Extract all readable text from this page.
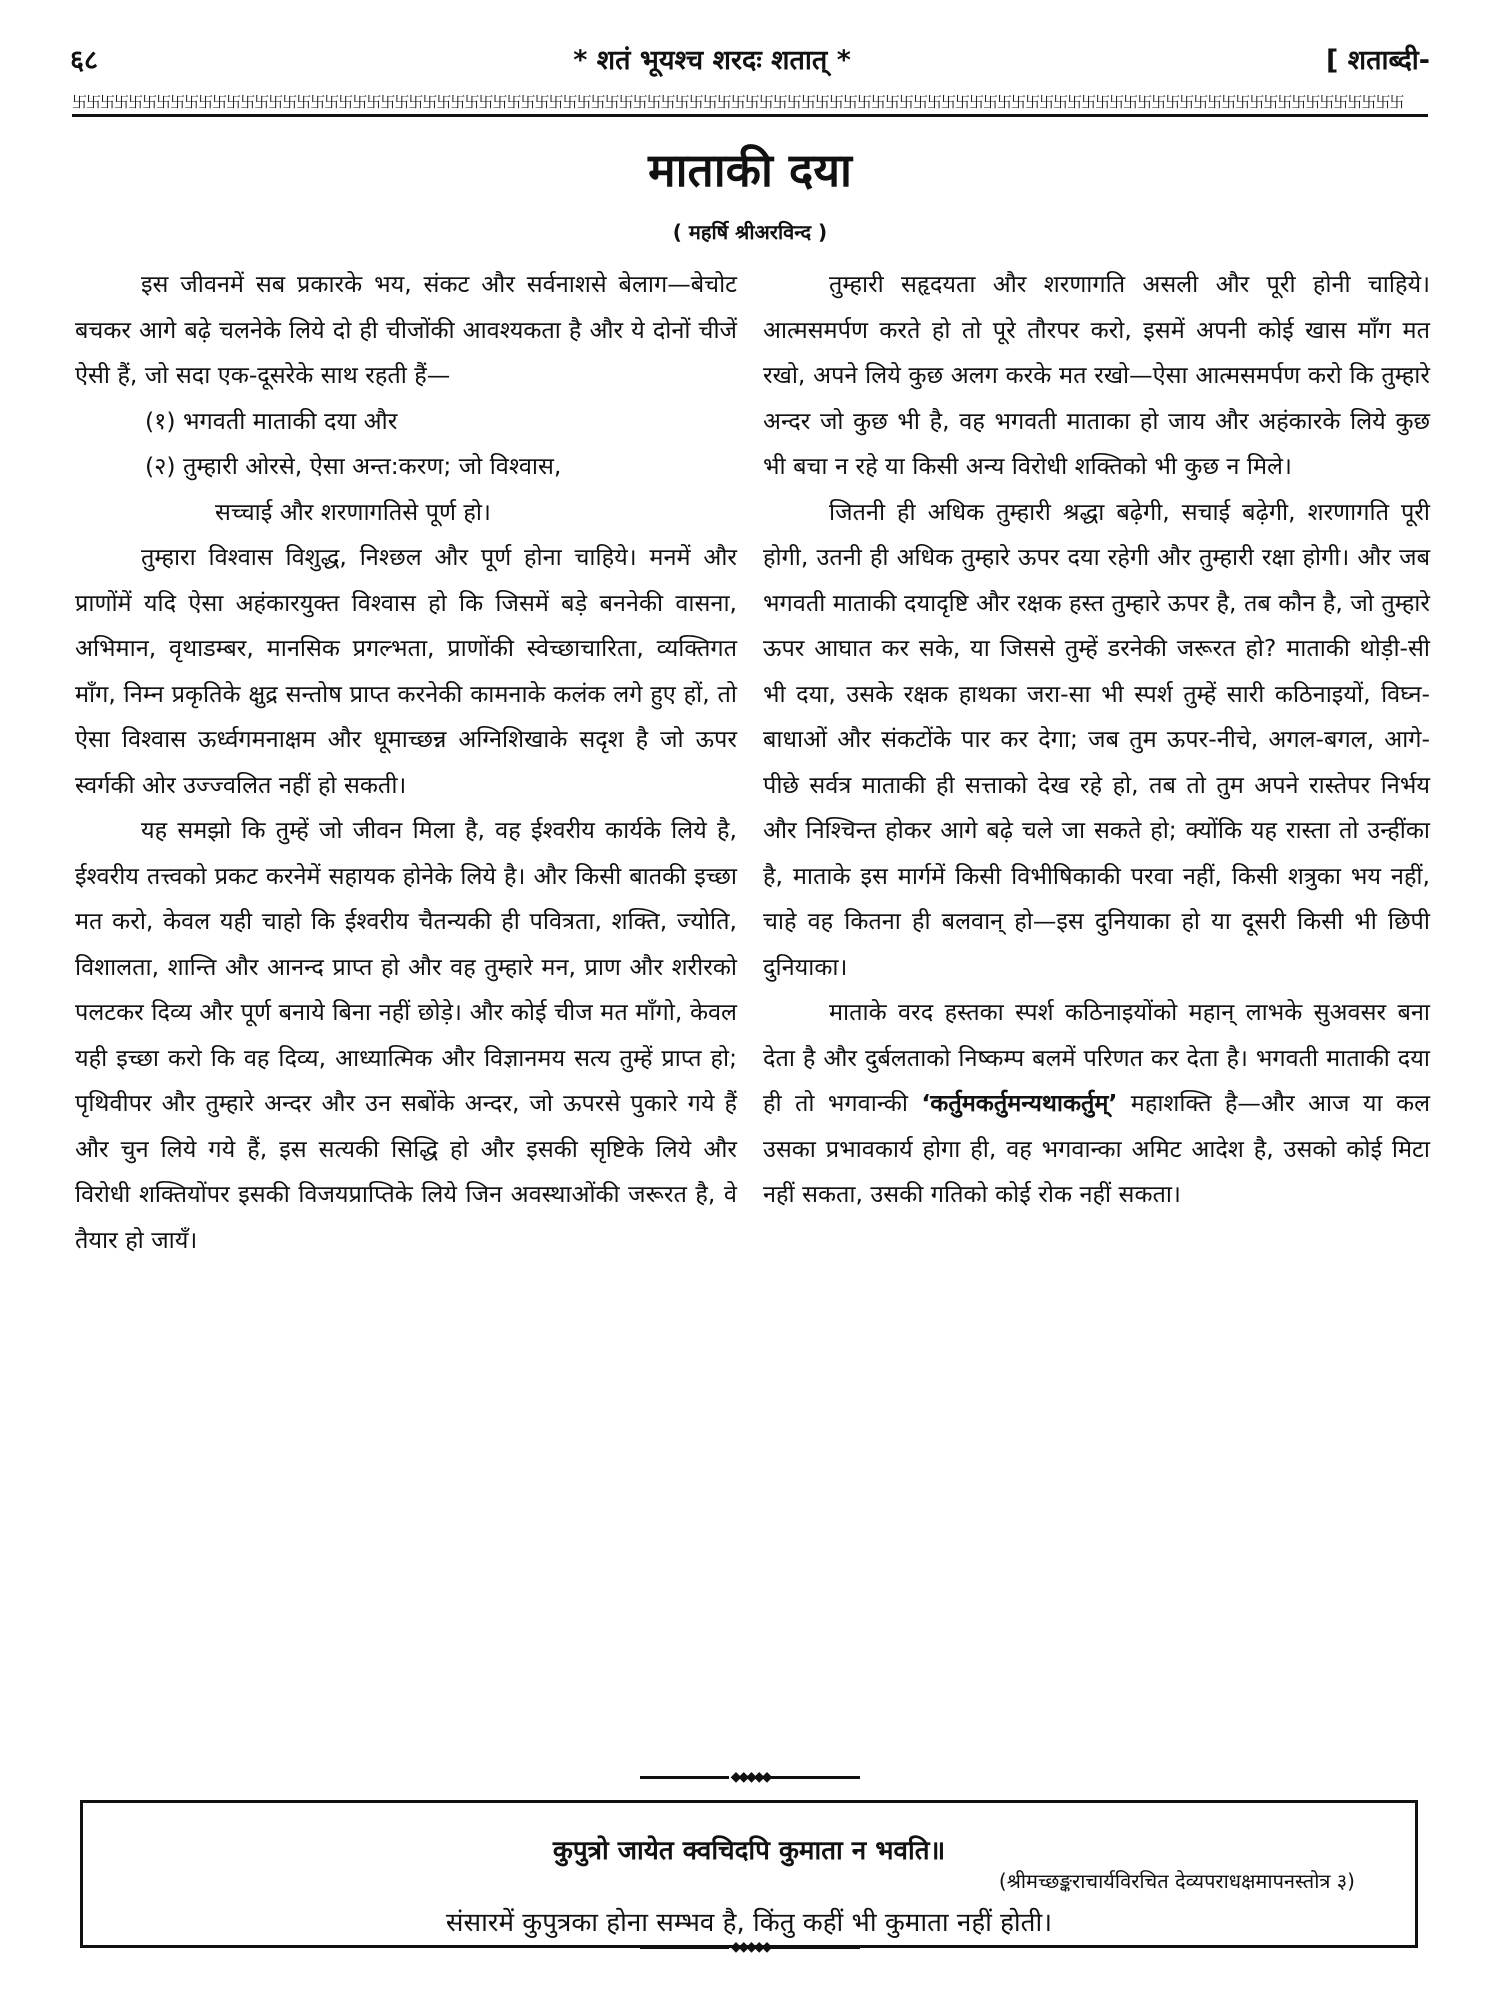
६८	* शतं भूयश्च शरदः शतात् *	[ शताब्दी-
卐 卐 卐 卐 卐 卐 卐 卐 卐 卐 卐 卐 卐 卐 卐 卐 卐 卐 卐 卐 卐 卐 卐 卐 卐 卐 卐 卐 卐 卐 卐 卐 卐 卐 卐 卐 卐 卐 卐 卐 卐 卐 卐 卐 卐 卐 卐 卐 卐 卐 卐 卐 卐 卐 卐 卐 卐 卐 卐 卐 卐 卐 卐 卐 卐 卐 卐 卐 卐 卐 卐 卐 卐 卐 卐 卐 卐 卐 卐 卐 卐 卐 卐 卐 卐 卐 卐 卐 卐 卐 卐 卐 卐 卐 卐
माताकी दया
( महर्षि श्रीअरविन्द )

इस जीवनमें सब प्रकारके भय, संकट और सर्वनाशसे बेलाग—बेचोट बचकर आगे बढ़े चलनेके लिये दो ही चीजोंकी आवश्यकता है और ये दोनों चीजें ऐसी हैं, जो सदा एक-दूसरेके साथ रहती हैं—

(१) भगवती माताकी दया और

(२) तुम्हारी ओरसे, ऐसा अन्त:करण; जो विश्वास,

सच्चाई और शरणागतिसे पूर्ण हो।

तुम्हारा विश्वास विशुद्ध, निश्छल और पूर्ण होना चाहिये। मनमें और प्राणोंमें यदि ऐसा अहंकारयुक्त विश्वास हो कि जिसमें बड़े बननेकी वासना, अभिमान, वृथाडम्बर, मानसिक प्रगल्भता, प्राणोंकी स्वेच्छाचारिता, व्यक्तिगत माँग, निम्न प्रकृतिके क्षुद्र सन्तोष प्राप्त करनेकी कामनाके कलंक लगे हुए हों, तो ऐसा विश्वास ऊर्ध्वगमनाक्षम और धूमाच्छन्न अग्निशिखाके सदृश है जो ऊपर स्वर्गकी ओर उज्ज्वलित नहीं हो सकती।

यह समझो कि तुम्हें जो जीवन मिला है, वह ईश्वरीय कार्यके लिये है, ईश्वरीय तत्त्वको प्रकट करनेमें सहायक होनेके लिये है। और किसी बातकी इच्छा मत करो, केवल यही चाहो कि ईश्वरीय चैतन्यकी ही पवित्रता, शक्ति, ज्योति, विशालता, शान्ति और आनन्द प्राप्त हो और वह तुम्हारे मन, प्राण और शरीरको पलटकर दिव्य और पूर्ण बनाये बिना नहीं छोड़े। और कोई चीज मत माँगो, केवल यही इच्छा करो कि वह दिव्य, आध्यात्मिक और विज्ञानमय सत्य तुम्हें प्राप्त हो; पृथिवीपर और तुम्हारे अन्दर और उन सबोंके अन्दर, जो ऊपरसे पुकारे गये हैं और चुन लिये गये हैं, इस सत्यकी सिद्धि हो और इसकी सृष्टिके लिये और विरोधी शक्तियोंपर इसकी विजयप्राप्तिके लिये जिन अवस्थाओंकी जरूरत है, वे तैयार हो जायँ।

तुम्हारी सहृदयता और शरणागति असली और पूरी होनी चाहिये। आत्मसमर्पण करते हो तो पूरे तौरपर करो, इसमें अपनी कोई खास माँग मत रखो, अपने लिये कुछ अलग करके मत रखो—ऐसा आत्मसमर्पण करो कि तुम्हारे अन्दर जो कुछ भी है, वह भगवती माताका हो जाय और अहंकारके लिये कुछ भी बचा न रहे या किसी अन्य विरोधी शक्तिको भी कुछ न मिले।

जितनी ही अधिक तुम्हारी श्रद्धा बढ़ेगी, सचाई बढ़ेगी, शरणागति पूरी होगी, उतनी ही अधिक तुम्हारे ऊपर दया रहेगी और तुम्हारी रक्षा होगी। और जब भगवती माताकी दयादृष्टि और रक्षक हस्त तुम्हारे ऊपर है, तब कौन है, जो तुम्हारे ऊपर आघात कर सके, या जिससे तुम्हें डरनेकी जरूरत हो? माताकी थोड़ी-सी भी दया, उसके रक्षक हाथका जरा-सा भी स्पर्श तुम्हें सारी कठिनाइयों, विघ्न-बाधाओं और संकटोंके पार कर देगा; जब तुम ऊपर-नीचे, अगल-बगल, आगे-पीछे सर्वत्र माताकी ही सत्ताको देख रहे हो, तब तो तुम अपने रास्तेपर निर्भय और निश्चिन्त होकर आगे बढ़े चले जा सकते हो; क्योंकि यह रास्ता तो उन्हींका है, माताके इस मार्गमें किसी विभीषिकाकी परवा नहीं, किसी शत्रुका भय नहीं, चाहे वह कितना ही बलवान् हो—इस दुनियाका हो या दूसरी किसी भी छिपी दुनियाका।

माताके वरद हस्तका स्पर्श कठिनाइयोंको महान् लाभके सुअवसर बना देता है और दुर्बलताको निष्कम्प बलमें परिणत कर देता है। भगवती माताकी दया ही तो भगवान्की ‘कर्तुमकर्तुमन्यथाकर्तुम्’ महाशक्ति है—और आज या कल उसका प्रभावकार्य होगा ही, वह भगवान्का अमिट आदेश है, उसको कोई मिटा नहीं सकता, उसकी गतिको कोई रोक नहीं सकता।

◆◆◆◆◆
कुपुत्रो जायेत क्वचिदपि कुमाता न भवति॥
(श्रीमच्छङ्कराचार्यविरचित देव्यपराधक्षमापनस्तोत्र ३)
संसारमें कुपुत्रका होना सम्भव है, किंतु कहीं भी कुमाता नहीं होती।
◆◆◆◆◆
